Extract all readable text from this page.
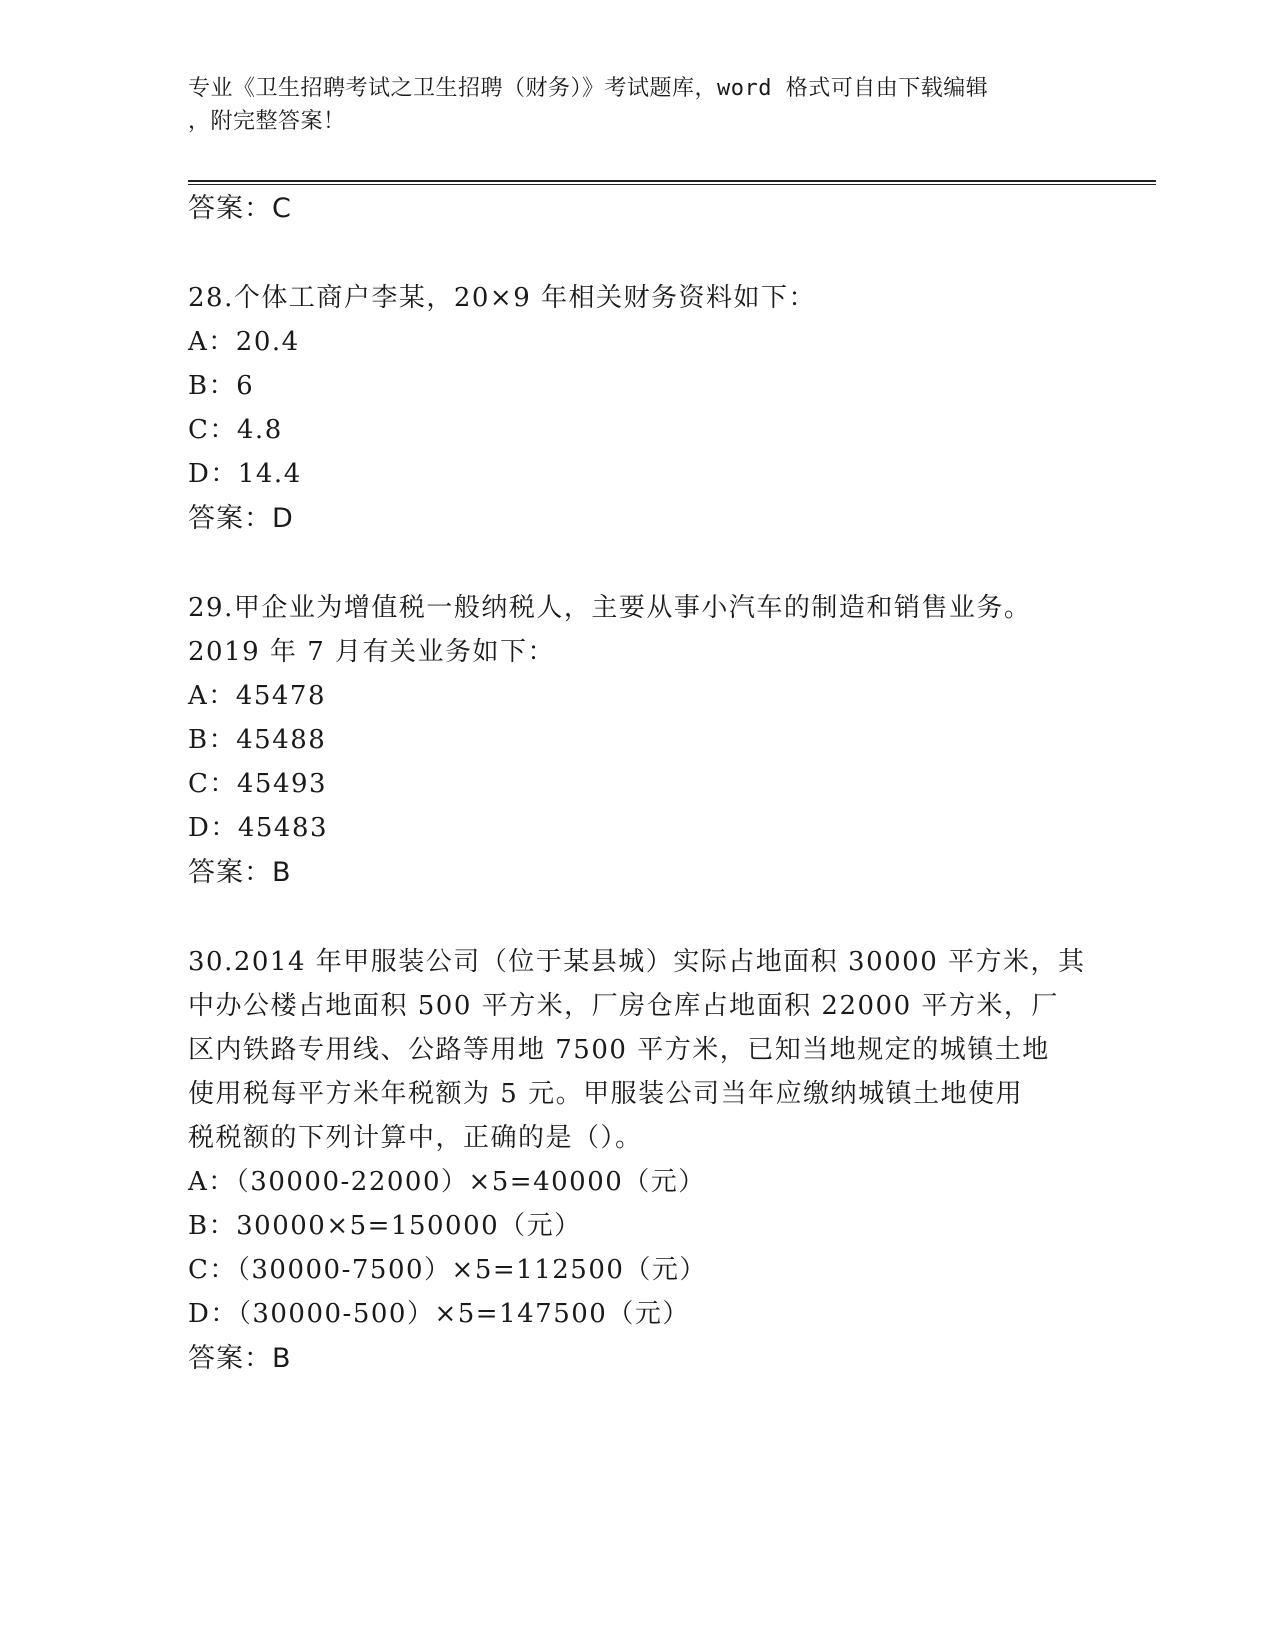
专业《卫生招聘考试之卫生招聘（财务）》考试题库，word 格式可自由下载编辑
，附完整答案！
答案：C
28.个体工商户李某，20×9 年相关财务资料如下：
A：20.4
B：6
C：4.8
D：14.4
答案：D
29.甲企业为增值税一般纳税人，主要从事小汽车的制造和销售业务。
2019 年 7 月有关业务如下：
A：45478
B：45488
C：45493
D：45483
答案：B
30.2014 年甲服装公司（位于某县城）实际占地面积 30000 平方米，其
中办公楼占地面积 500 平方米，厂房仓库占地面积 22000 平方米，厂
区内铁路专用线、公路等用地 7500 平方米，已知当地规定的城镇土地
使用税每平方米年税额为 5 元。甲服装公司当年应缴纳城镇土地使用
税税额的下列计算中，正确的是（）。
A：（30000-22000）×5=40000（元）
B：30000×5=150000（元）
C：（30000-7500）×5=112500（元）
D：（30000-500）×5=147500（元）
答案：B
